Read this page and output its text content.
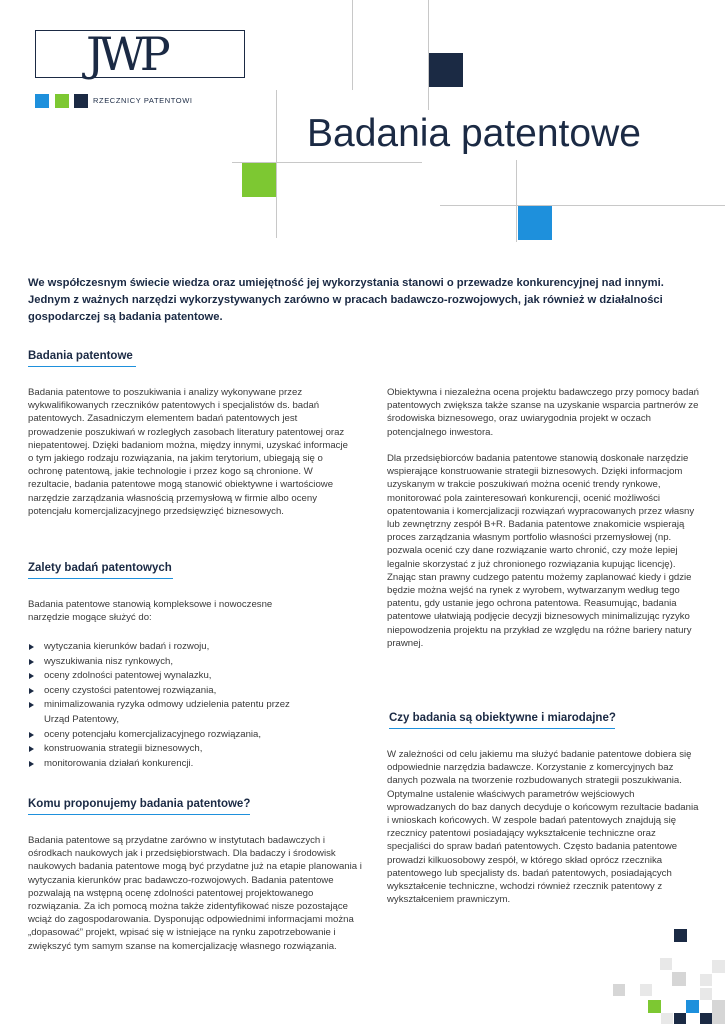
JWP
RZECZNICY PATENTOWI
Badania patentowe
We współczesnym świecie wiedza oraz umiejętność jej wykorzystania stanowi o przewadze konkurencyjnej nad innymi. Jednym z ważnych narzędzi wykorzystywanych zarówno w pracach badawczo-rozwojowych, jak również w działalności gospodarczej są badania patentowe.
Badania patentowe
Badania patentowe to poszukiwania i analizy wykonywane przez wykwalifikowanych rzeczników patentowych i specjalistów ds. badań patentowych. Zasadniczym elementem badań patentowych jest prowadzenie poszukiwań w rozległych zasobach literatury patentowej oraz niepatentowej. Dzięki badaniom można, między innymi, uzyskać informacje o tym jakiego rodzaju rozwiązania, na jakim terytorium, ubiegają się o ochronę patentową, jakie technologie i przez kogo są chronione. W rezultacie, badania patentowe mogą stanowić obiektywne i wartościowe narzędzie zarządzania własnością przemysłową w firmie albo oceny potencjału komercjalizacyjnego przedsięwzięć biznesowych.
Zalety badań patentowych
Badania patentowe stanowią kompleksowe i nowoczesne narzędzie mogące służyć do:
wytyczania kierunków badań i rozwoju,
wyszukiwania nisz rynkowych,
oceny zdolności patentowej wynalazku,
oceny czystości patentowej rozwiązania,
minimalizowania ryzyka odmowy udzielenia patentu przez Urząd Patentowy,
oceny potencjału komercjalizacyjnego rozwiązania,
konstruowania strategii biznesowych,
monitorowania działań konkurencji.
Komu proponujemy badania patentowe?
Badania patentowe są przydatne zarówno w instytutach badawczych i ośrodkach naukowych jak i przedsiębiorstwach. Dla badaczy i środowisk naukowych badania patentowe mogą być przydatne już na etapie planowania i wytyczania kierunków prac badawczo-rozwojowych. Badania patentowe pozwalają na wstępną ocenę zdolności patentowej projektowanego rozwiązania. Za ich pomocą można także zidentyfikować nisze pozostające wciąż do zagospodarowania. Dysponując odpowiednimi informacjami można „dopasować” projekt, wpisać się w istniejące na rynku zapotrzebowanie i zwiększyć tym samym szanse na komercjalizację własnego rozwiązania.
Obiektywna i niezależna ocena projektu badawczego przy pomocy badań patentowych zwiększa także szanse na uzyskanie wsparcia partnerów ze środowiska biznesowego, oraz uwiarygodnia projekt w oczach potencjalnego inwestora.
Dla przedsiębiorców badania patentowe stanowią doskonałe narzędzie wspierające konstruowanie strategii biznesowych. Dzięki informacjom uzyskanym w trakcie poszukiwań można ocenić trendy rynkowe, monitorować pola zainteresowań konkurencji, ocenić możliwości opatentowania i komercjalizacji rozwiązań wypracowanych przez własny lub zewnętrzny zespół B+R. Badania patentowe znakomicie wspierają proces zarządzania własnym portfolio własności przemysłowej (np. pozwala ocenić czy dane rozwiązanie warto chronić, czy może lepiej legalnie skorzystać z już chronionego rozwiązania kupując licencję). Znając stan prawny cudzego patentu możemy zaplanować kiedy i gdzie będzie można wejść na rynek z wyrobem, wytwarzanym według tego patentu, gdy ustanie jego ochrona patentowa. Reasumując, badania patentowe ułatwiają podjęcie decyzji biznesowych minimalizując ryzyko niepowodzenia projektu na przykład ze względu na różne bariery natury prawnej.
Czy badania są obiektywne i miarodajne?
W zależności od celu jakiemu ma służyć badanie patentowe dobiera się odpowiednie narzędzia badawcze. Korzystanie z komercyjnych baz danych pozwala na tworzenie rozbudowanych strategii poszukiwania. Optymalne ustalenie właściwych parametrów wejściowych wprowadzanych do baz danych decyduje o końcowym rezultacie badania i wnioskach końcowych. W zespole badań patentowych znajdują się rzecznicy patentowi posiadający wykształcenie techniczne oraz specjaliści do spraw badań patentowych. Często badania patentowe prowadzi kilkuosobowy zespół, w którego skład oprócz rzecznika patentowego lub specjalisty ds. badań patentowych, posiadających wykształcenie techniczne, wchodzi również rzecznik patentowy z wykształceniem prawniczym.
